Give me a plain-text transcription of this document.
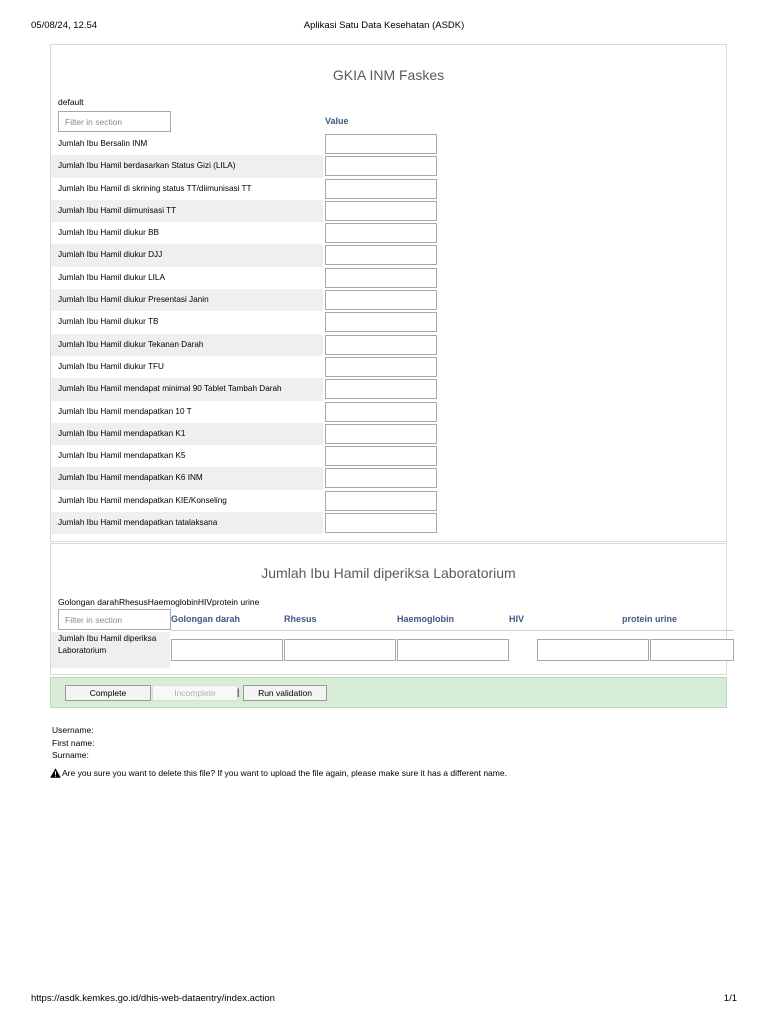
05/08/24, 12.54	Aplikasi Satu Data Kesehatan (ASDK)
GKIA INM Faskes
default
Filter in section
Value
Jumlah Ibu Bersalin INM
Jumlah Ibu Hamil berdasarkan Status Gizi (LILA)
Jumlah Ibu Hamil di skrining status TT/diimunisasi TT
Jumlah Ibu Hamil diimunisasi TT
Jumlah Ibu Hamil diukur BB
Jumlah Ibu Hamil diukur DJJ
Jumlah Ibu Hamil diukur LILA
Jumlah Ibu Hamil diukur Presentasi Janin
Jumlah Ibu Hamil diukur TB
Jumlah Ibu Hamil diukur Tekanan Darah
Jumlah Ibu Hamil diukur TFU
Jumlah Ibu Hamil mendapat minimal 90 Tablet Tambah Darah
Jumlah Ibu Hamil mendapatkan 10 T
Jumlah Ibu Hamil mendapatkan K1
Jumlah Ibu Hamil mendapatkan K5
Jumlah Ibu Hamil mendapatkan K6 INM
Jumlah Ibu Hamil mendapatkan KIE/Konseling
Jumlah Ibu Hamil mendapatkan tatalaksana
Jumlah Ibu Hamil diperiksa Laboratorium
Golongan darahRhesusHaemoglobinHIVprotein urine
Filter in section
Golongan darah	Rhesus	Haemoglobin	HIV	protein urine
Jumlah Ibu Hamil diperiksa Laboratorium
Complete	Incomplete	|	Run validation
Username:
First name:
Surname:
Are you sure you want to delete this file? If you want to upload the file again, please make sure it has a different name.
https://asdk.kemkes.go.id/dhis-web-dataentry/index.action	1/1
